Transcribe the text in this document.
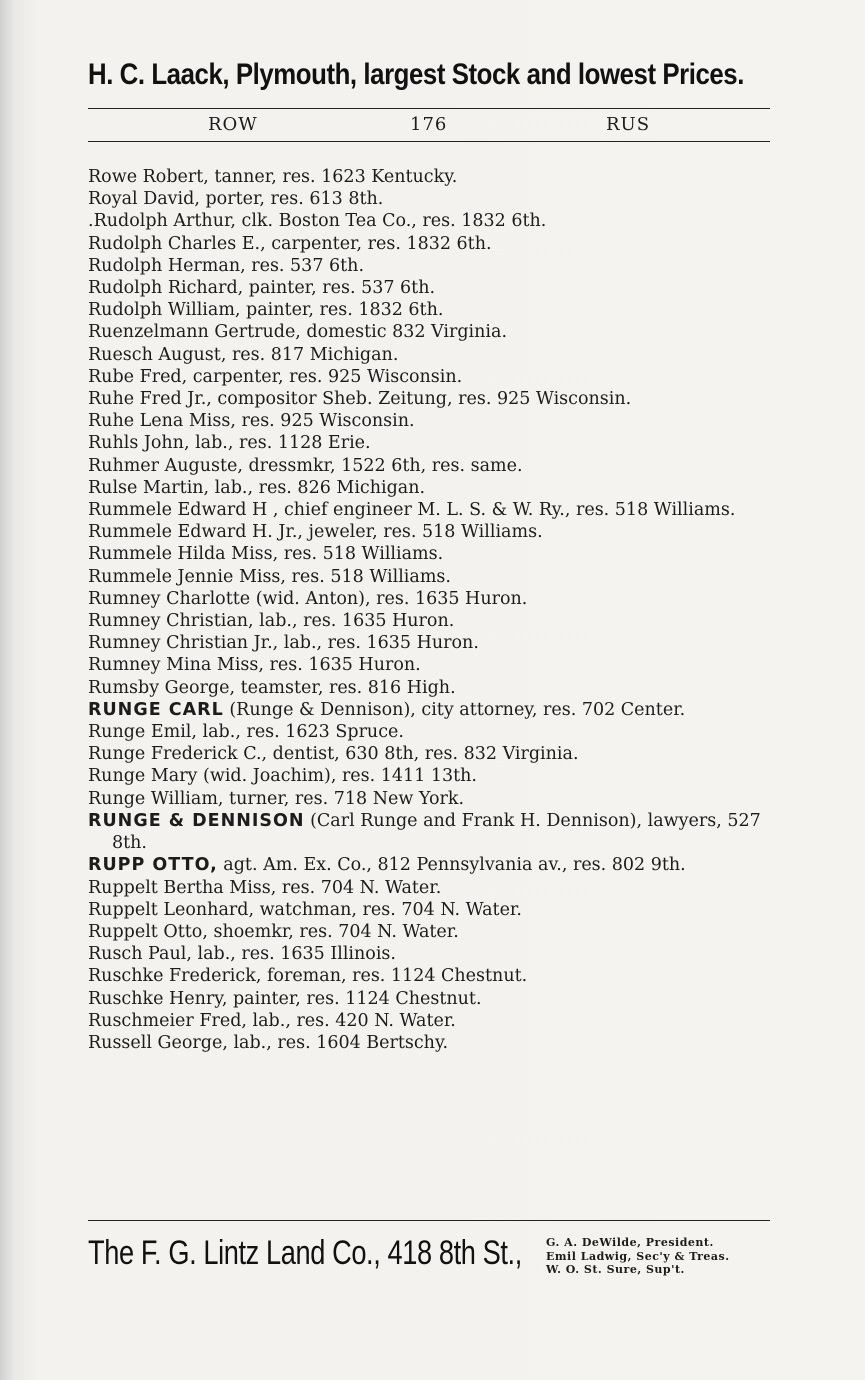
H. C. Laack, Plymouth, largest Stock and lowest Prices.
ROW	176	RUS
Rowe Robert, tanner, res. 1623 Kentucky.
Royal David, porter, res. 613 8th.
.Rudolph Arthur, clk. Boston Tea Co., res. 1832 6th.
Rudolph Charles E., carpenter, res. 1832 6th.
Rudolph Herman, res. 537 6th.
Rudolph Richard, painter, res. 537 6th.
Rudolph William, painter, res. 1832 6th.
Ruenzelmann Gertrude, domestic 832 Virginia.
Ruesch August, res. 817 Michigan.
Rube Fred, carpenter, res. 925 Wisconsin.
Ruhe Fred Jr., compositor Sheb. Zeitung, res. 925 Wisconsin.
Ruhe Lena Miss, res. 925 Wisconsin.
Ruhls John, lab., res. 1128 Erie.
Ruhmer Auguste, dressmkr, 1522 6th, res. same.
Rulse Martin, lab., res. 826 Michigan.
Rummele Edward H , chief engineer M. L. S. & W. Ry., res. 518 Williams.
Rummele Edward H. Jr., jeweler, res. 518 Williams.
Rummele Hilda Miss, res. 518 Williams.
Rummele Jennie Miss, res. 518 Williams.
Rumney Charlotte (wid. Anton), res. 1635 Huron.
Rumney Christian, lab., res. 1635 Huron.
Rumney Christian Jr., lab., res. 1635 Huron.
Rumney Mina Miss, res. 1635 Huron.
Rumsby George, teamster, res. 816 High.
RUNGE CARL (Runge & Dennison), city attorney, res. 702 Center.
Runge Emil, lab., res. 1623 Spruce.
Runge Frederick C., dentist, 630 8th, res. 832 Virginia.
Runge Mary (wid. Joachim), res. 1411 13th.
Runge William, turner, res. 718 New York.
RUNGE & DENNISON (Carl Runge and Frank H. Dennison), lawyers, 527 8th.
RUPP OTTO, agt. Am. Ex. Co., 812 Pennsylvania av., res. 802 9th.
Ruppelt Bertha Miss, res. 704 N. Water.
Ruppelt Leonhard, watchman, res. 704 N. Water.
Ruppelt Otto, shoemkr, res. 704 N. Water.
Rusch Paul, lab., res. 1635 Illinois.
Ruschke Frederick, foreman, res. 1124 Chestnut.
Ruschke Henry, painter, res. 1124 Chestnut.
Ruschmeier Fred, lab., res. 420 N. Water.
Russell George, lab., res. 1604 Bertschy.
The F. G. Lintz Land Co., 418 8th St., G. A. DeWilde, President.
Emil Ladwig, Sec'y & Treas.
W. O. St. Sure, Sup't.
